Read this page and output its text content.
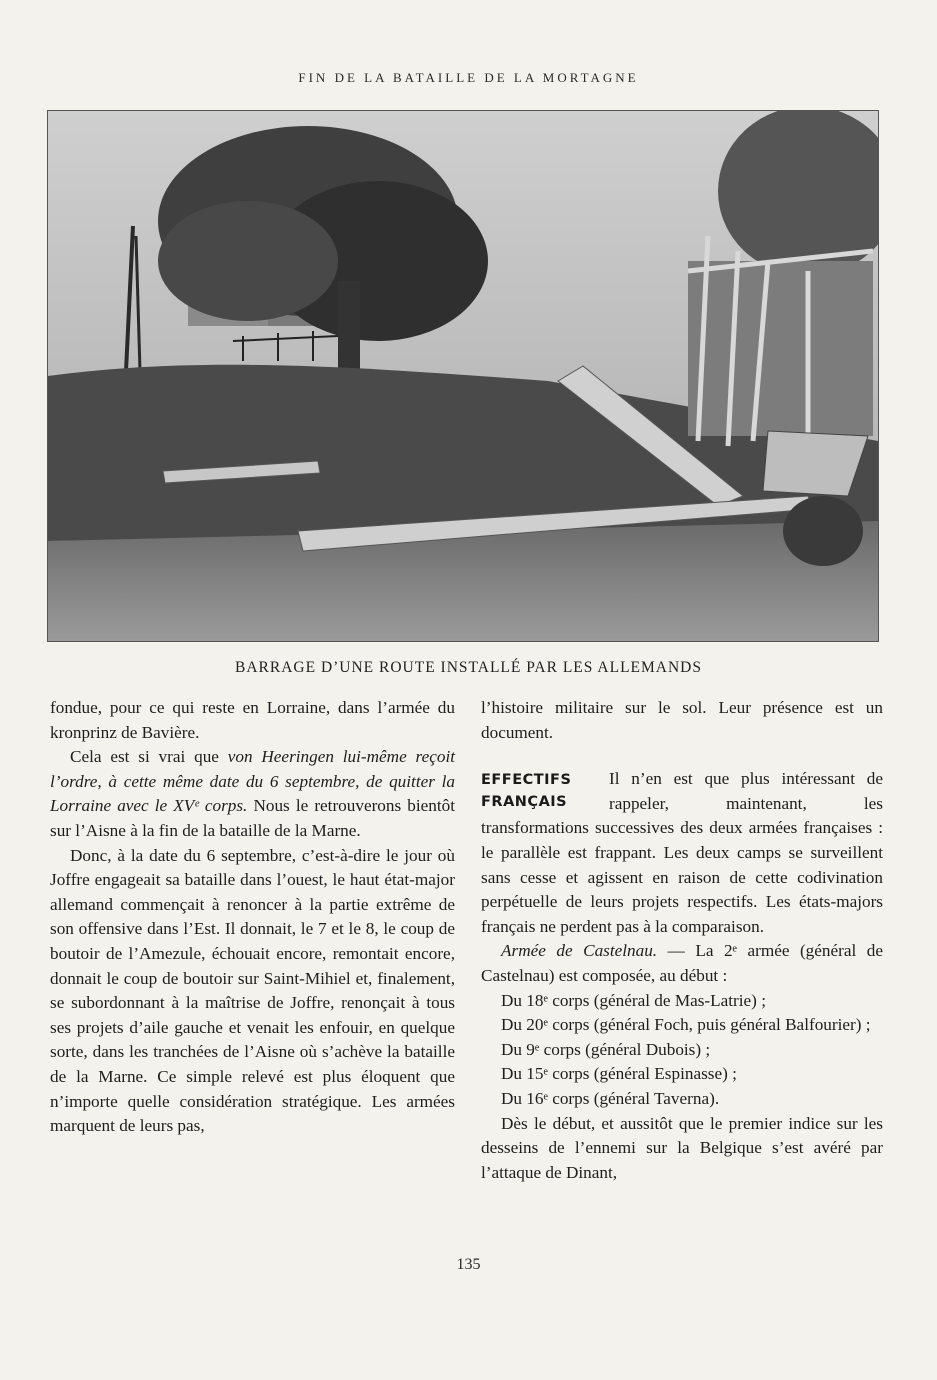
FIN DE LA BATAILLE DE LA MORTAGNE
BARRAGE D’UNE ROUTE INSTALLÉ PAR LES ALLEMANDS

fondue, pour ce qui reste en Lorraine, dans l’armée du kronprinz de Bavière.

Cela est si vrai que von Heeringen lui-même reçoit l’ordre, à cette même date du 6 septembre, de quitter la Lorraine avec le XVᵉ corps. Nous le retrouverons bientôt sur l’Aisne à la fin de la bataille de la Marne.

Donc, à la date du 6 septembre, c’est-à-dire le jour où Joffre engageait sa bataille dans l’ouest, le haut état-major allemand commençait à renoncer à la partie extrême de son offensive dans l’Est. Il donnait, le 7 et le 8, le coup de boutoir de l’Amezule, échouait encore, remontait encore, donnait le coup de boutoir sur Saint-Mihiel et, finalement, se subordonnant à la maîtrise de Joffre, renonçait à tous ses projets d’aile gauche et venait les enfouir, en quelque sorte, dans les tranchées de l’Aisne où s’achève la bataille de la Marne. Ce simple relevé est plus éloquent que n’importe quelle considération stratégique. Les armées marquent de leurs pas,

l’histoire militaire sur le sol. Leur présence est un document.

EFFECTIFS
FRANÇAIS

Il n’en est que plus intéressant de rappeler, maintenant, les transformations successives des deux armées françaises : le parallèle est frappant. Les deux camps se surveillent sans cesse et agissent en raison de cette codivination perpétuelle de leurs projets respectifs. Les états-majors français ne perdent pas à la comparaison.

Armée de Castelnau. — La 2ᵉ armée (général de Castelnau) est composée, au début :

Du 18ᵉ corps (général de Mas-Latrie) ;

Du 20ᵉ corps (général Foch, puis général Balfourier) ;

Du 9ᵉ corps (général Dubois) ;

Du 15ᵉ corps (général Espinasse) ;

Du 16ᵉ corps (général Taverna).

Dès le début, et aussitôt que le premier indice sur les desseins de l’ennemi sur la Belgique s’est avéré par l’attaque de Dinant,

135
